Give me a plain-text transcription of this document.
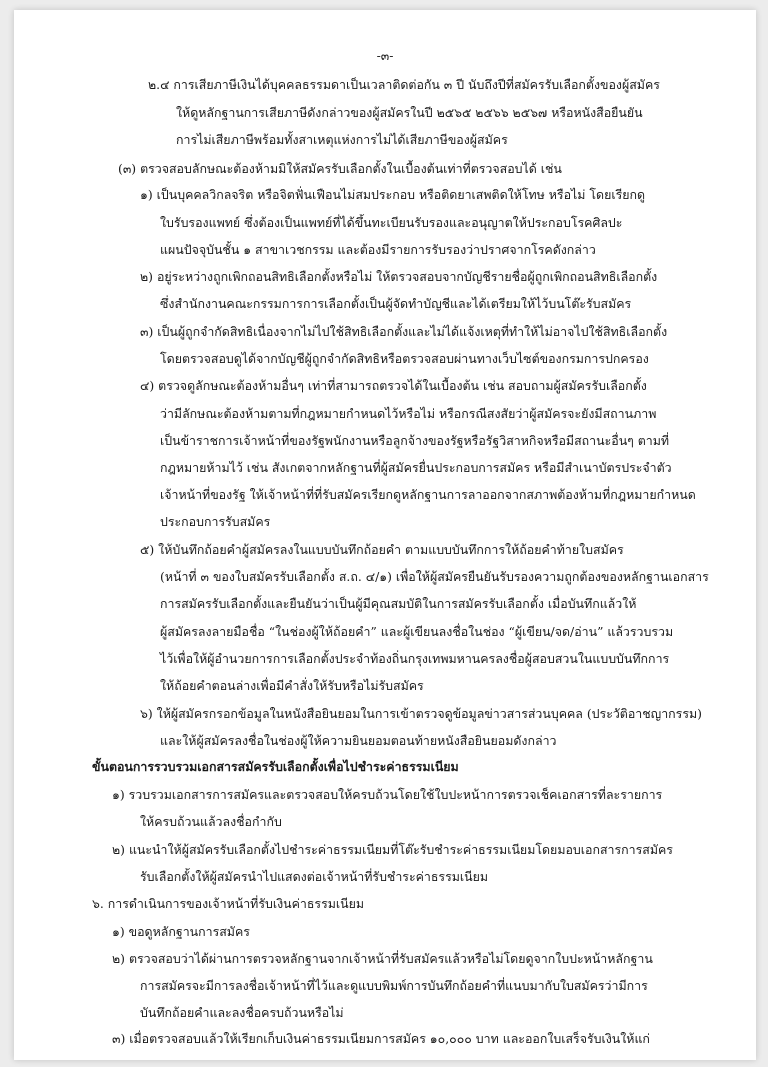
-๓-
๒.๔ การเสียภาษีเงินได้บุคคลธรรมดาเป็นเวลาติดต่อกัน ๓ ปี นับถึงปีที่สมัครรับเลือกตั้งของผู้สมัคร
ให้ดูหลักฐานการเสียภาษีดังกล่าวของผู้สมัครในปี ๒๕๖๕ ๒๕๖๖ ๒๕๖๗ หรือหนังสือยืนยัน
การไม่เสียภาษีพร้อมทั้งสาเหตุแห่งการไม่ได้เสียภาษีของผู้สมัคร
(๓) ตรวจสอบลักษณะต้องห้ามมิให้สมัครรับเลือกตั้งในเบื้องต้นเท่าที่ตรวจสอบได้ เช่น
๑) เป็นบุคคลวิกลจริต หรือจิตฟั่นเฟือนไม่สมประกอบ หรือติดยาเสพติดให้โทษ หรือไม่ โดยเรียกดู
ใบรับรองแพทย์ ซึ่งต้องเป็นแพทย์ที่ได้ขึ้นทะเบียนรับรองและอนุญาตให้ประกอบโรคศิลปะ
แผนปัจจุบันชั้น ๑ สาขาเวชกรรม และต้องมีรายการรับรองว่าปราศจากโรคดังกล่าว
๒) อยู่ระหว่างถูกเพิกถอนสิทธิเลือกตั้งหรือไม่ ให้ตรวจสอบจากบัญชีรายชื่อผู้ถูกเพิกถอนสิทธิเลือกตั้ง
ซึ่งสำนักงานคณะกรรมการการเลือกตั้งเป็นผู้จัดทำบัญชีและได้เตรียมให้ไว้บนโต๊ะรับสมัคร
๓) เป็นผู้ถูกจำกัดสิทธิเนื่องจากไม่ไปใช้สิทธิเลือกตั้งและไม่ได้แจ้งเหตุที่ทำให้ไม่อาจไปใช้สิทธิเลือกตั้ง
โดยตรวจสอบดูได้จากบัญชีผู้ถูกจำกัดสิทธิหรือตรวจสอบผ่านทางเว็บไซต์ของกรมการปกครอง
๔) ตรวจดูลักษณะต้องห้ามอื่นๆ เท่าที่สามารถตรวจได้ในเบื้องต้น เช่น สอบถามผู้สมัครรับเลือกตั้ง
ว่ามีลักษณะต้องห้ามตามที่กฎหมายกำหนดไว้หรือไม่ หรือกรณีสงสัยว่าผู้สมัครจะยังมีสถานภาพ
เป็นข้าราชการเจ้าหน้าที่ของรัฐพนักงานหรือลูกจ้างของรัฐหรือรัฐวิสาหกิจหรือมีสถานะอื่นๆ ตามที่
กฎหมายห้ามไว้ เช่น สังเกตจากหลักฐานที่ผู้สมัครยื่นประกอบการสมัคร หรือมีสำเนาบัตรประจำตัว
เจ้าหน้าที่ของรัฐ ให้เจ้าหน้าที่ที่รับสมัครเรียกดูหลักฐานการลาออกจากสภาพต้องห้ามที่กฎหมายกำหนด
ประกอบการรับสมัคร
๕) ให้บันทึกถ้อยคำผู้สมัครลงในแบบบันทึกถ้อยคำ ตามแบบบันทึกการให้ถ้อยคำท้ายใบสมัคร
(หน้าที่ ๓ ของใบสมัครรับเลือกตั้ง ส.ถ. ๔/๑) เพื่อให้ผู้สมัครยืนยันรับรองความถูกต้องของหลักฐานเอกสาร
การสมัครรับเลือกตั้งและยืนยันว่าเป็นผู้มีคุณสมบัติในการสมัครรับเลือกตั้ง เมื่อบันทึกแล้วให้
ผู้สมัครลงลายมือชื่อ “ในช่องผู้ให้ถ้อยคำ” และผู้เขียนลงชื่อในช่อง “ผู้เขียน/จด/อ่าน” แล้วรวบรวม
ไว้เพื่อให้ผู้อำนวยการการเลือกตั้งประจำท้องถิ่นกรุงเทพมหานครลงชื่อผู้สอบสวนในแบบบันทึกการ
ให้ถ้อยคำตอนล่างเพื่อมีคำสั่งให้รับหรือไม่รับสมัคร
๖) ให้ผู้สมัครกรอกข้อมูลในหนังสือยินยอมในการเข้าตรวจดูข้อมูลข่าวสารส่วนบุคคล (ประวัติอาชญากรรม)
และให้ผู้สมัครลงชื่อในช่องผู้ให้ความยินยอมตอนท้ายหนังสือยินยอมดังกล่าว
ขั้นตอนการรวบรวมเอกสารสมัครรับเลือกตั้งเพื่อไปชำระค่าธรรมเนียม
๑) รวบรวมเอกสารการสมัครและตรวจสอบให้ครบถ้วนโดยใช้ใบปะหน้าการตรวจเช็คเอกสารที่ละรายการ
ให้ครบถ้วนแล้วลงชื่อกำกับ
๒) แนะนำให้ผู้สมัครรับเลือกตั้งไปชำระค่าธรรมเนียมที่โต๊ะรับชำระค่าธรรมเนียมโดยมอบเอกสารการสมัคร
รับเลือกตั้งให้ผู้สมัครนำไปแสดงต่อเจ้าหน้าที่รับชำระค่าธรรมเนียม
๖. การดำเนินการของเจ้าหน้าที่รับเงินค่าธรรมเนียม
๑) ขอดูหลักฐานการสมัคร
๒) ตรวจสอบว่าได้ผ่านการตรวจหลักฐานจากเจ้าหน้าที่รับสมัครแล้วหรือไม่โดยดูจากใบปะหน้าหลักฐาน
การสมัครจะมีการลงชื่อเจ้าหน้าที่ไว้และดูแบบพิมพ์การบันทึกถ้อยคำที่แนบมากับใบสมัครว่ามีการ
บันทึกถ้อยคำและลงชื่อครบถ้วนหรือไม่
๓) เมื่อตรวจสอบแล้วให้เรียกเก็บเงินค่าธรรมเนียมการสมัคร ๑๐,๐๐๐ บาท และออกใบเสร็จรับเงินให้แก่
